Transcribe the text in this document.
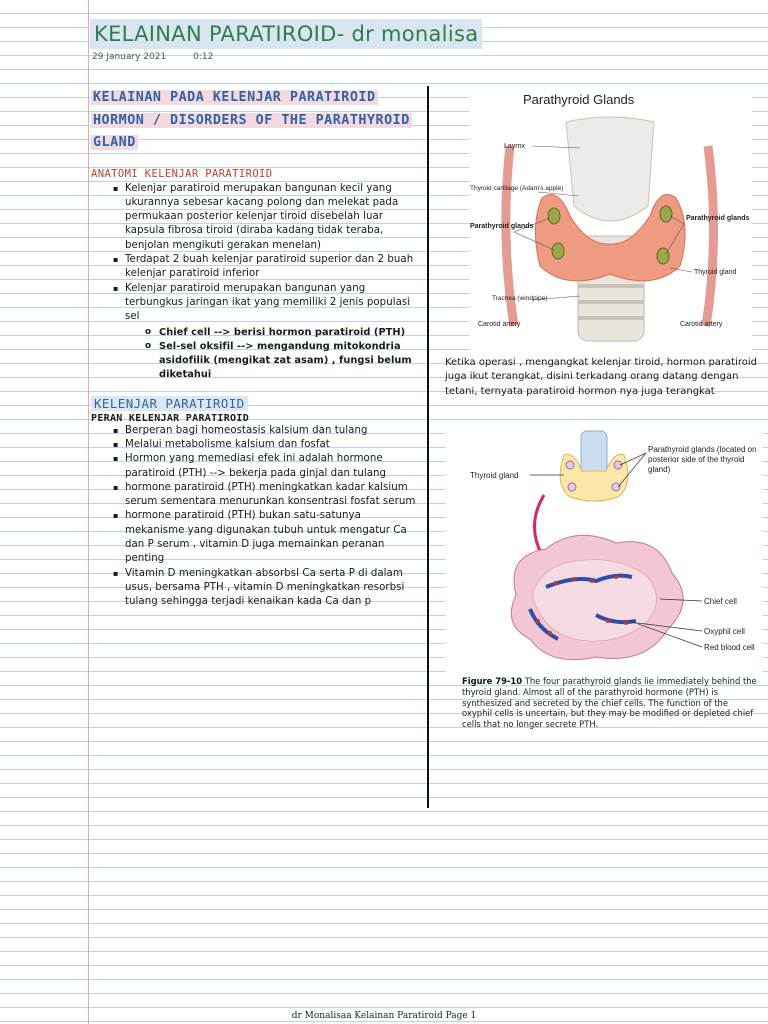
KELAINAN PARATIROID- dr monalisa
29 January 2021	0:12
KELAINAN PADA KELENJAR PARATIROID HORMON / DISORDERS OF THE PARATHYROID GLAND
ANATOMI KELENJAR PARATIROID
▪ Kelenjar paratiroid merupakan bangunan kecil yang ukurannya sebesar kacang polong dan melekat pada permukaan posterior kelenjar tiroid disebelah luar kapsula fibrosa tiroid (diraba kadang tidak teraba, benjolan mengikuti gerakan menelan)
▪ Terdapat 2 buah kelenjar paratiroid superior dan 2 buah kelenjar paratiroid inferior
▪ Kelenjar paratiroid merupakan bangunan yang terbungkus jaringan ikat yang memiliki 2 jenis populasi sel
o Chief cell --> berisi hormon paratiroid (PTH)
o Sel-sel oksifil --> mengandung mitokondria asidofilik (mengikat zat asam) , fungsi belum diketahui
KELENJAR PARATIROID
PERAN KELENJAR PARATIROID
▪ Berperan bagi homeostasis kalsium dan tulang
▪ Melalui metabolisme kalsium dan fosfat
▪ Hormon yang memediasi efek ini adalah hormone paratiroid (PTH) --> bekerja pada ginjal dan tulang
▪ hormone paratiroid (PTH) meningkatkan kadar kalsium serum sementara menurunkan konsentrasi fosfat serum
▪ hormone paratiroid (PTH) bukan satu-satunya mekanisme yang digunakan tubuh untuk mengatur Ca dan P serum , vitamin D juga memainkan peranan penting
▪ Vitamin D meningkatkan absorbsI Ca serta P di dalam usus, bersama PTH , vitamin D meningkatkan resorbsi tulang sehingga terjadi kenaikan kada Ca dan p
Parathyroid Glands
Layrnx
Thyroid cartilage (Adam's apple)
Parathyroid glands
Parathyroid glands
Thyroid gland
Trachea (windpipe)
Carotid artery	Carotid artery
Ketika operasi , mengangkat kelenjar tiroid, hormon paratiroid juga ikut terangkat, disini terkadang orang datang dengan tetani, ternyata paratiroid hormon nya juga terangkat
Thyroid gland
Parathyroid glands (located on posterior side of the thyroid gland)
Chief cell
Oxyphil cell
Red blood cell
Figure 79-10 The four parathyroid glands lie immediately behind the thyroid gland. Almost all of the parathyroid hormone (PTH) is synthesized and secreted by the chief cells. The function of the oxyphil cells is uncertain, but they may be modified or depleted chief cells that no longer secrete PTH.
dr Monalisaa Kelainan Paratiroid Page 1
